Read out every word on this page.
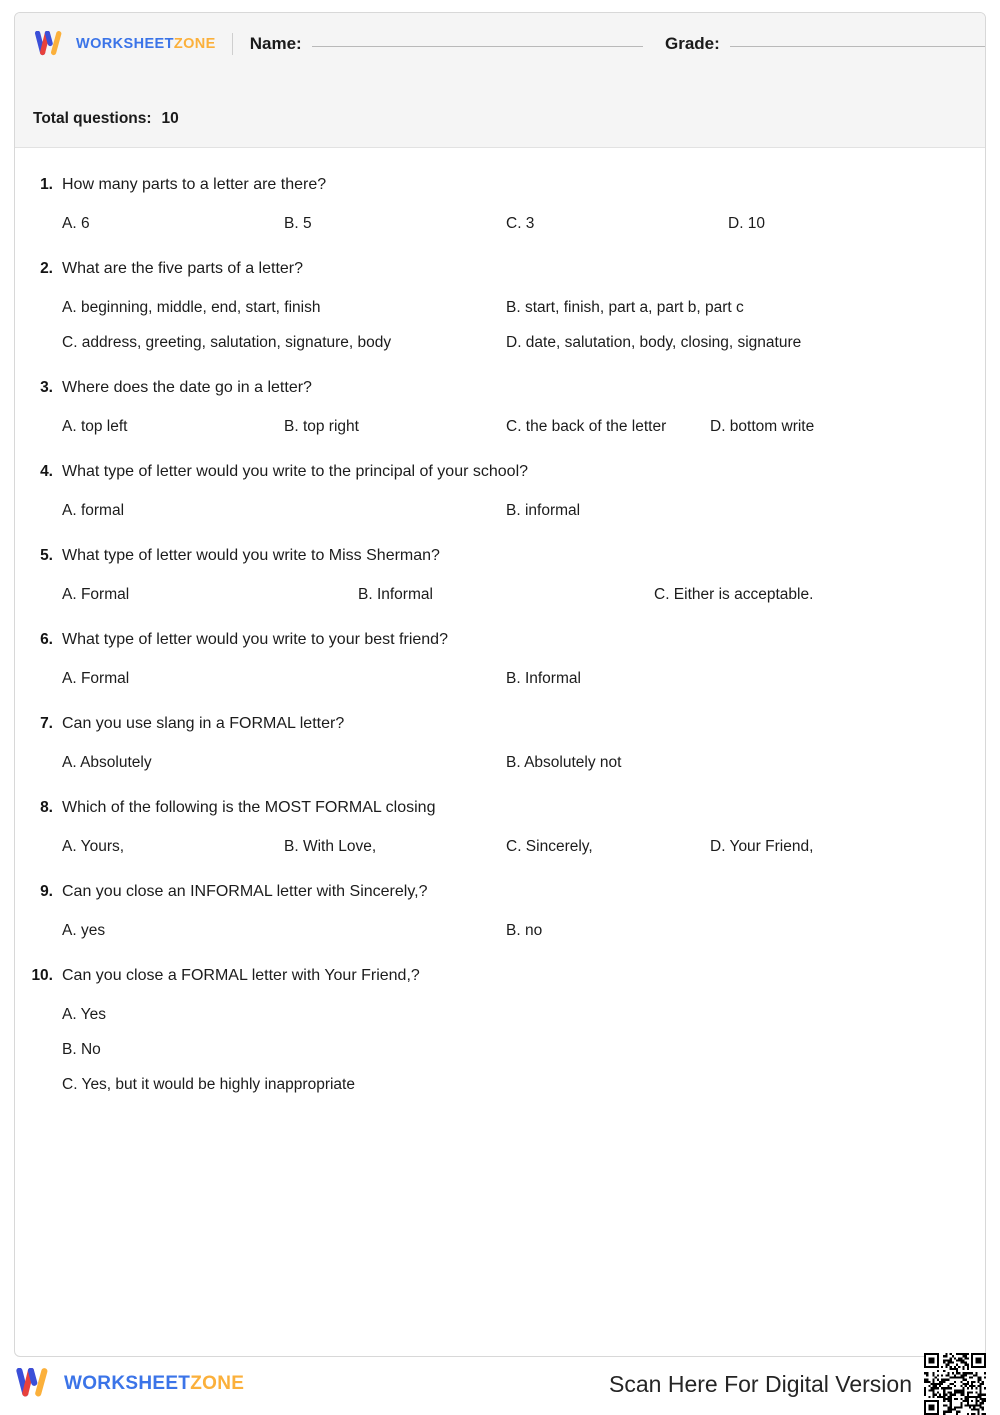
WORKSHEETZONE Name:	Grade:
Total questions: 10
1. How many parts to a letter are there?
A. 6	B. 5	C. 3	D. 10
2. What are the five parts of a letter?
A. beginning, middle, end, start, finish	B. start, finish, part a, part b, part c
C. address, greeting, salutation, signature, body	D. date, salutation, body, closing, signature
3. Where does the date go in a letter?
A. top left	B. top right	C. the back of the letter	D. bottom write
4. What type of letter would you write to the principal of your school?
A. formal	B. informal
5. What type of letter would you write to Miss Sherman?
A. Formal	B. Informal	C. Either is acceptable.
6. What type of letter would you write to your best friend?
A. Formal	B. Informal
7. Can you use slang in a FORMAL letter?
A. Absolutely	B. Absolutely not
8. Which of the following is the MOST FORMAL closing
A. Yours,	B. With Love,	C. Sincerely,	D. Your Friend,
9. Can you close an INFORMAL letter with Sincerely,?
A. yes	B. no
10. Can you close a FORMAL letter with Your Friend,?
A. Yes
B. No
C. Yes, but it would be highly inappropriate
WORKSHEETZONE	Scan Here For Digital Version
